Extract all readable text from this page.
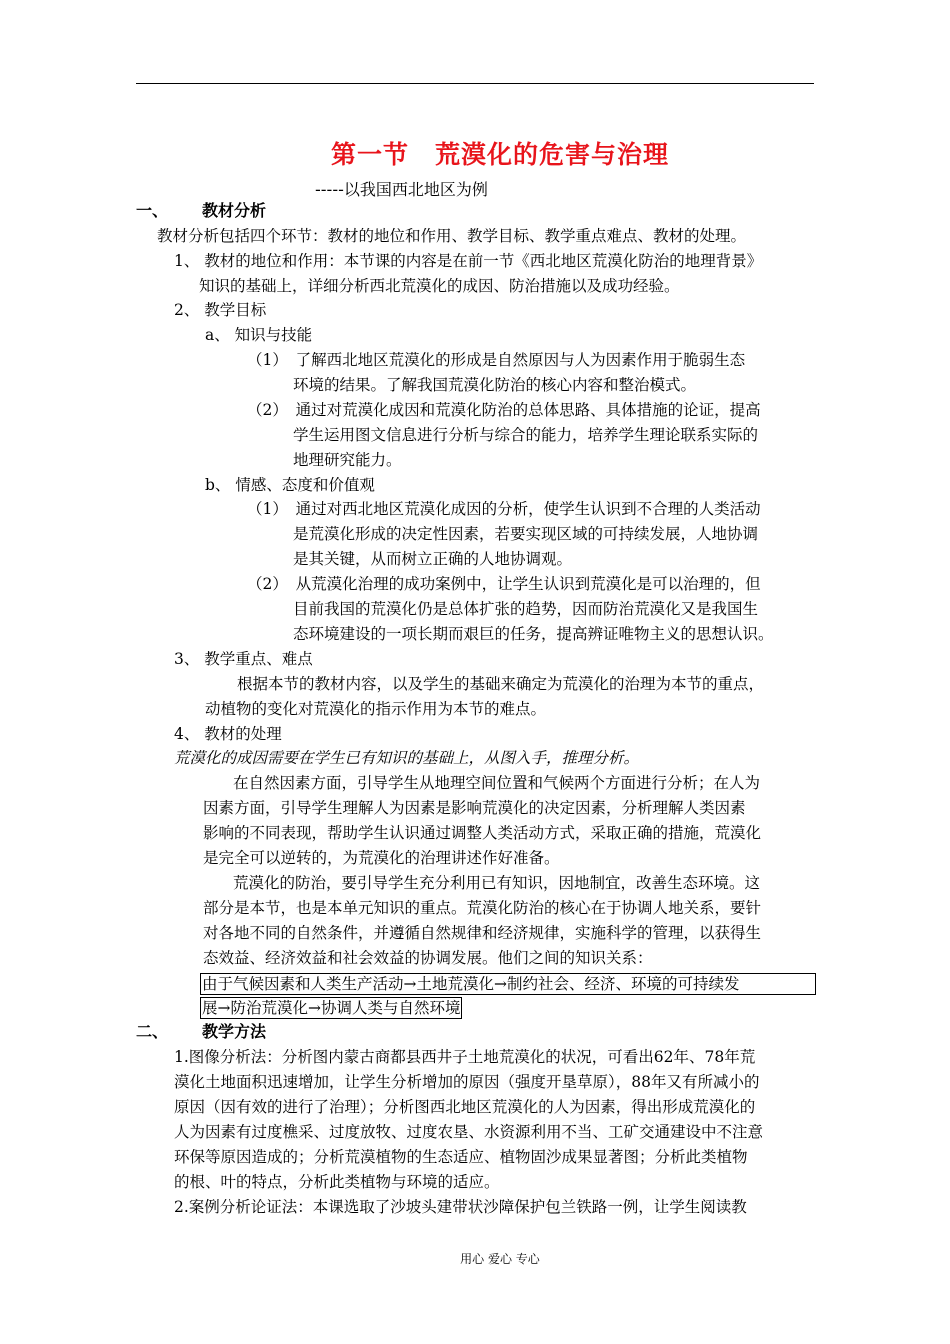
第一节　荒漠化的危害与治理
-----以我国西北地区为例
一、 教材分析
教材分析包括四个环节：教材的地位和作用、教学目标、教学重点难点、教材的处理。
1、 教材的地位和作用：本节课的内容是在前一节《西北地区荒漠化防治的地理背景》
知识的基础上，详细分析西北荒漠化的成因、防治措施以及成功经验。
2、 教学目标
a、 知识与技能
（1）　了解西北地区荒漠化的形成是自然原因与人为因素作用于脆弱生态
环境的结果。了解我国荒漠化防治的核心内容和整治模式。
（2）　通过对荒漠化成因和荒漠化防治的总体思路、具体措施的论证，提高
学生运用图文信息进行分析与综合的能力，培养学生理论联系实际的
地理研究能力。
b、 情感、态度和价值观
（1）　通过对西北地区荒漠化成因的分析，使学生认识到不合理的人类活动
是荒漠化形成的决定性因素，若要实现区域的可持续发展，人地协调
是其关键，从而树立正确的人地协调观。
（2）　从荒漠化治理的成功案例中，让学生认识到荒漠化是可以治理的，但
目前我国的荒漠化仍是总体扩张的趋势，因而防治荒漠化又是我国生
态环境建设的一项长期而艰巨的任务，提高辨证唯物主义的思想认识。
3、 教学重点、难点
根据本节的教材内容，以及学生的基础来确定为荒漠化的治理为本节的重点，
动植物的变化对荒漠化的指示作用为本节的难点。
4、 教材的处理
荒漠化的成因需要在学生已有知识的基础上，从图入手，推理分析。
在自然因素方面，引导学生从地理空间位置和气候两个方面进行分析；在人为
因素方面，引导学生理解人为因素是影响荒漠化的决定因素，分析理解人类因素
影响的不同表现，帮助学生认识通过调整人类活动方式，采取正确的措施，荒漠化
是完全可以逆转的，为荒漠化的治理讲述作好准备。
荒漠化的防治，要引导学生充分利用已有知识，因地制宜，改善生态环境。这
部分是本节，也是本单元知识的重点。荒漠化防治的核心在于协调人地关系，要针
对各地不同的自然条件，并遵循自然规律和经济规律，实施科学的管理，以获得生
态效益、经济效益和社会效益的协调发展。他们之间的知识关系：
由于气候因素和人类生产活动→土地荒漠化→制约社会、经济、环境的可持续发
展→防治荒漠化→协调人类与自然环境
二、 教学方法
1.图像分析法：分析图内蒙古商都县西井子土地荒漠化的状况，可看出62年、78年荒
漠化土地面积迅速增加，让学生分析增加的原因（强度开垦草原），88年又有所减小的
原因（因有效的进行了治理）；分析图西北地区荒漠化的人为因素，得出形成荒漠化的
人为因素有过度樵采、过度放牧、过度农垦、水资源利用不当、工矿交通建设中不注意
环保等原因造成的；分析荒漠植物的生态适应、植物固沙成果显著图；分析此类植物
的根、叶的特点，分析此类植物与环境的适应。
2.案例分析论证法：本课选取了沙坡头建带状沙障保护包兰铁路一例，让学生阅读教
用心 爱心 专心
